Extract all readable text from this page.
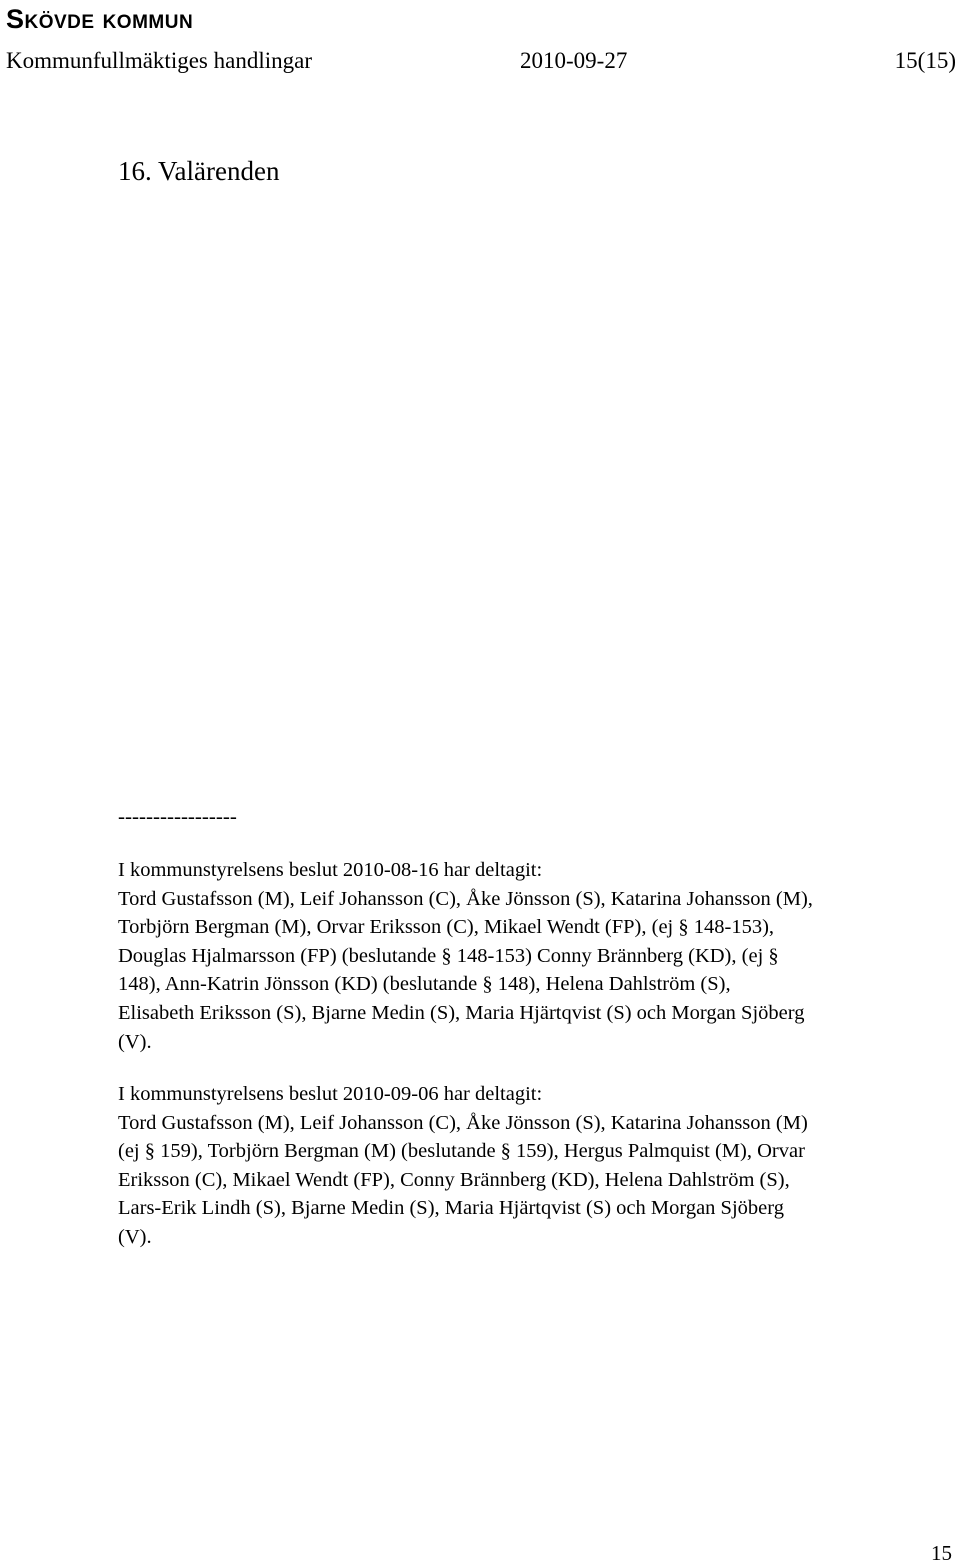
Skövde kommun
Kommunfullmäktiges handlingar	2010-09-27	15(15)
16. Valärenden
-----------------
I kommunstyrelsens beslut 2010-08-16 har deltagit:
Tord Gustafsson (M), Leif Johansson (C), Åke Jönsson (S), Katarina Johansson (M),
Torbjörn Bergman (M), Orvar Eriksson (C), Mikael Wendt (FP), (ej § 148-153),
Douglas Hjalmarsson (FP) (beslutande § 148-153) Conny Brännberg (KD), (ej §
148), Ann-Katrin Jönsson (KD) (beslutande § 148), Helena Dahlström (S),
Elisabeth Eriksson (S), Bjarne Medin (S), Maria Hjärtqvist (S) och Morgan Sjöberg
(V).
I kommunstyrelsens beslut 2010-09-06 har deltagit:
Tord Gustafsson (M), Leif Johansson (C), Åke Jönsson (S), Katarina Johansson (M)
(ej § 159), Torbjörn Bergman (M) (beslutande § 159), Hergus Palmquist (M), Orvar
Eriksson (C), Mikael Wendt (FP), Conny Brännberg (KD), Helena Dahlström (S),
Lars-Erik Lindh (S), Bjarne Medin (S), Maria Hjärtqvist (S) och Morgan Sjöberg
(V).
15
